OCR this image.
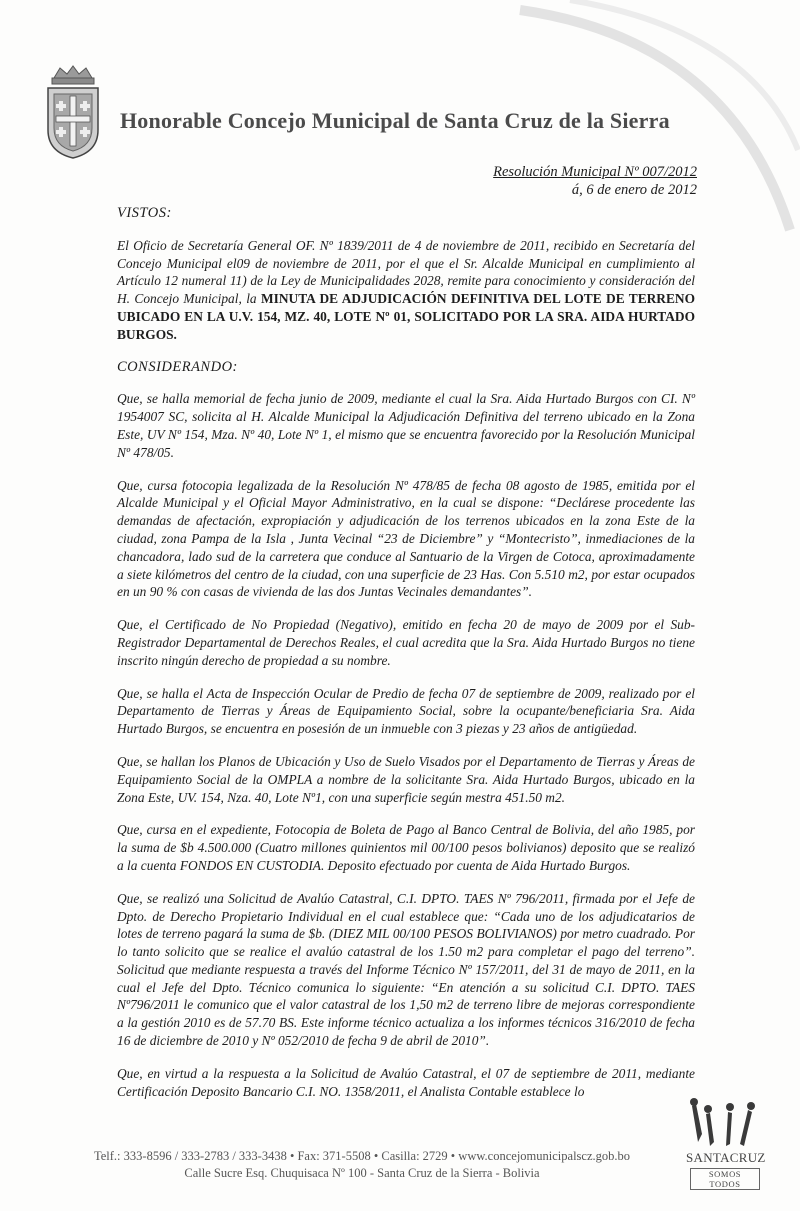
Honorable Concejo Municipal de Santa Cruz de la Sierra
Resolución Municipal Nº 007/2012
á, 6 de enero de 2012
VISTOS:

El Oficio de Secretaría General OF. Nº 1839/2011 de 4 de noviembre de 2011, recibido en Secretaría del Concejo Municipal el09 de noviembre de 2011, por el que el Sr. Alcalde Municipal en cumplimiento al Artículo 12 numeral 11) de la Ley de Municipalidades 2028, remite para conocimiento y consideración del H. Concejo Municipal, la MINUTA DE ADJUDICACIÓN DEFINITIVA DEL LOTE DE TERRENO UBICADO EN LA U.V. 154, MZ. 40, LOTE Nº 01, SOLICITADO POR LA SRA. AIDA HURTADO BURGOS.

CONSIDERANDO:

Que, se halla memorial de fecha junio de 2009, mediante el cual la Sra. Aida Hurtado Burgos con CI. Nº 1954007 SC, solicita al H. Alcalde Municipal la Adjudicación Definitiva del terreno ubicado en la Zona Este, UV Nº 154, Mza. Nº 40, Lote Nº 1, el mismo que se encuentra favorecido por la Resolución Municipal Nº 478/05.

Que, cursa fotocopia legalizada de la Resolución Nº 478/85 de fecha 08 agosto de 1985, emitida por el Alcalde Municipal y el Oficial Mayor Administrativo, en la cual se dispone: “Declárese procedente las demandas de afectación, expropiación y adjudicación de los terrenos ubicados en la zona Este de la ciudad, zona Pampa de la Isla , Junta Vecinal “23 de Diciembre” y “Montecristo”, inmediaciones de la chancadora, lado sud de la carretera que conduce al Santuario de la Virgen de Cotoca, aproximadamente a siete kilómetros del centro de la ciudad, con una superficie de 23 Has. Con 5.510 m2, por estar ocupados en un 90 % con casas de vivienda de las dos Juntas Vecinales demandantes”.

Que, el Certificado de No Propiedad (Negativo), emitido en fecha 20 de mayo de 2009 por el Sub-Registrador Departamental de Derechos Reales, el cual acredita que la Sra. Aida Hurtado Burgos no tiene inscrito ningún derecho de propiedad a su nombre.

Que, se halla el Acta de Inspección Ocular de Predio de fecha 07 de septiembre de 2009, realizado por el Departamento de Tierras y Áreas de Equipamiento Social, sobre la ocupante/beneficiaria Sra. Aida Hurtado Burgos, se encuentra en posesión de un inmueble con 3 piezas y 23 años de antigüedad.

Que, se hallan los Planos de Ubicación y Uso de Suelo Visados por el Departamento de Tierras y Áreas de Equipamiento Social de la OMPLA a nombre de la solicitante Sra. Aida Hurtado Burgos, ubicado en la Zona Este, UV. 154, Nza. 40, Lote Nº1, con una superficie según mestra 451.50 m2.

Que, cursa en el expediente, Fotocopia de Boleta de Pago al Banco Central de Bolivia, del año 1985, por la suma de $b 4.500.000 (Cuatro millones quinientos mil 00/100 pesos bolivianos) deposito que se realizó a la cuenta FONDOS EN CUSTODIA. Deposito efectuado por cuenta de Aida Hurtado Burgos.

Que, se realizó una Solicitud de Avalúo Catastral, C.I. DPTO. TAES Nº 796/2011, firmada por el Jefe de Dpto. de Derecho Propietario Individual en el cual establece que: “Cada uno de los adjudicatarios de lotes de terreno pagará la suma de $b. (DIEZ MIL 00/100 PESOS BOLIVIANOS) por metro cuadrado. Por lo tanto solicito que se realice el avalúo catastral de los 1.50 m2 para completar el pago del terreno”. Solicitud que mediante respuesta a través del Informe Técnico Nº 157/2011, del 31 de mayo de 2011, en la cual el Jefe del Dpto. Técnico comunica lo siguiente: “En atención a su solicitud C.I. DPTO. TAES Nº796/2011 le comunico que el valor catastral de los 1,50 m2 de terreno libre de mejoras correspondiente a la gestión 2010 es de 57.70 BS. Este informe técnico actualiza a los informes técnicos 316/2010 de fecha 16 de diciembre de 2010 y Nº 052/2010 de fecha 9 de abril de 2010”.

Que, en virtud a la respuesta a la Solicitud de Avalúo Catastral, el 07 de septiembre de 2011, mediante Certificación Deposito Bancario C.I. NO. 1358/2011, el Analista Contable establece lo

Telf.: 333-8596 / 333-2783 / 333-3438 • Fax: 371-5508 • Casilla: 2729 • www.concejomunicipalscz.gob.bo
Calle Sucre Esq. Chuquisaca Nº 100 - Santa Cruz de la Sierra - Bolivia
SANTACRUZ
SOMOS TODOS
